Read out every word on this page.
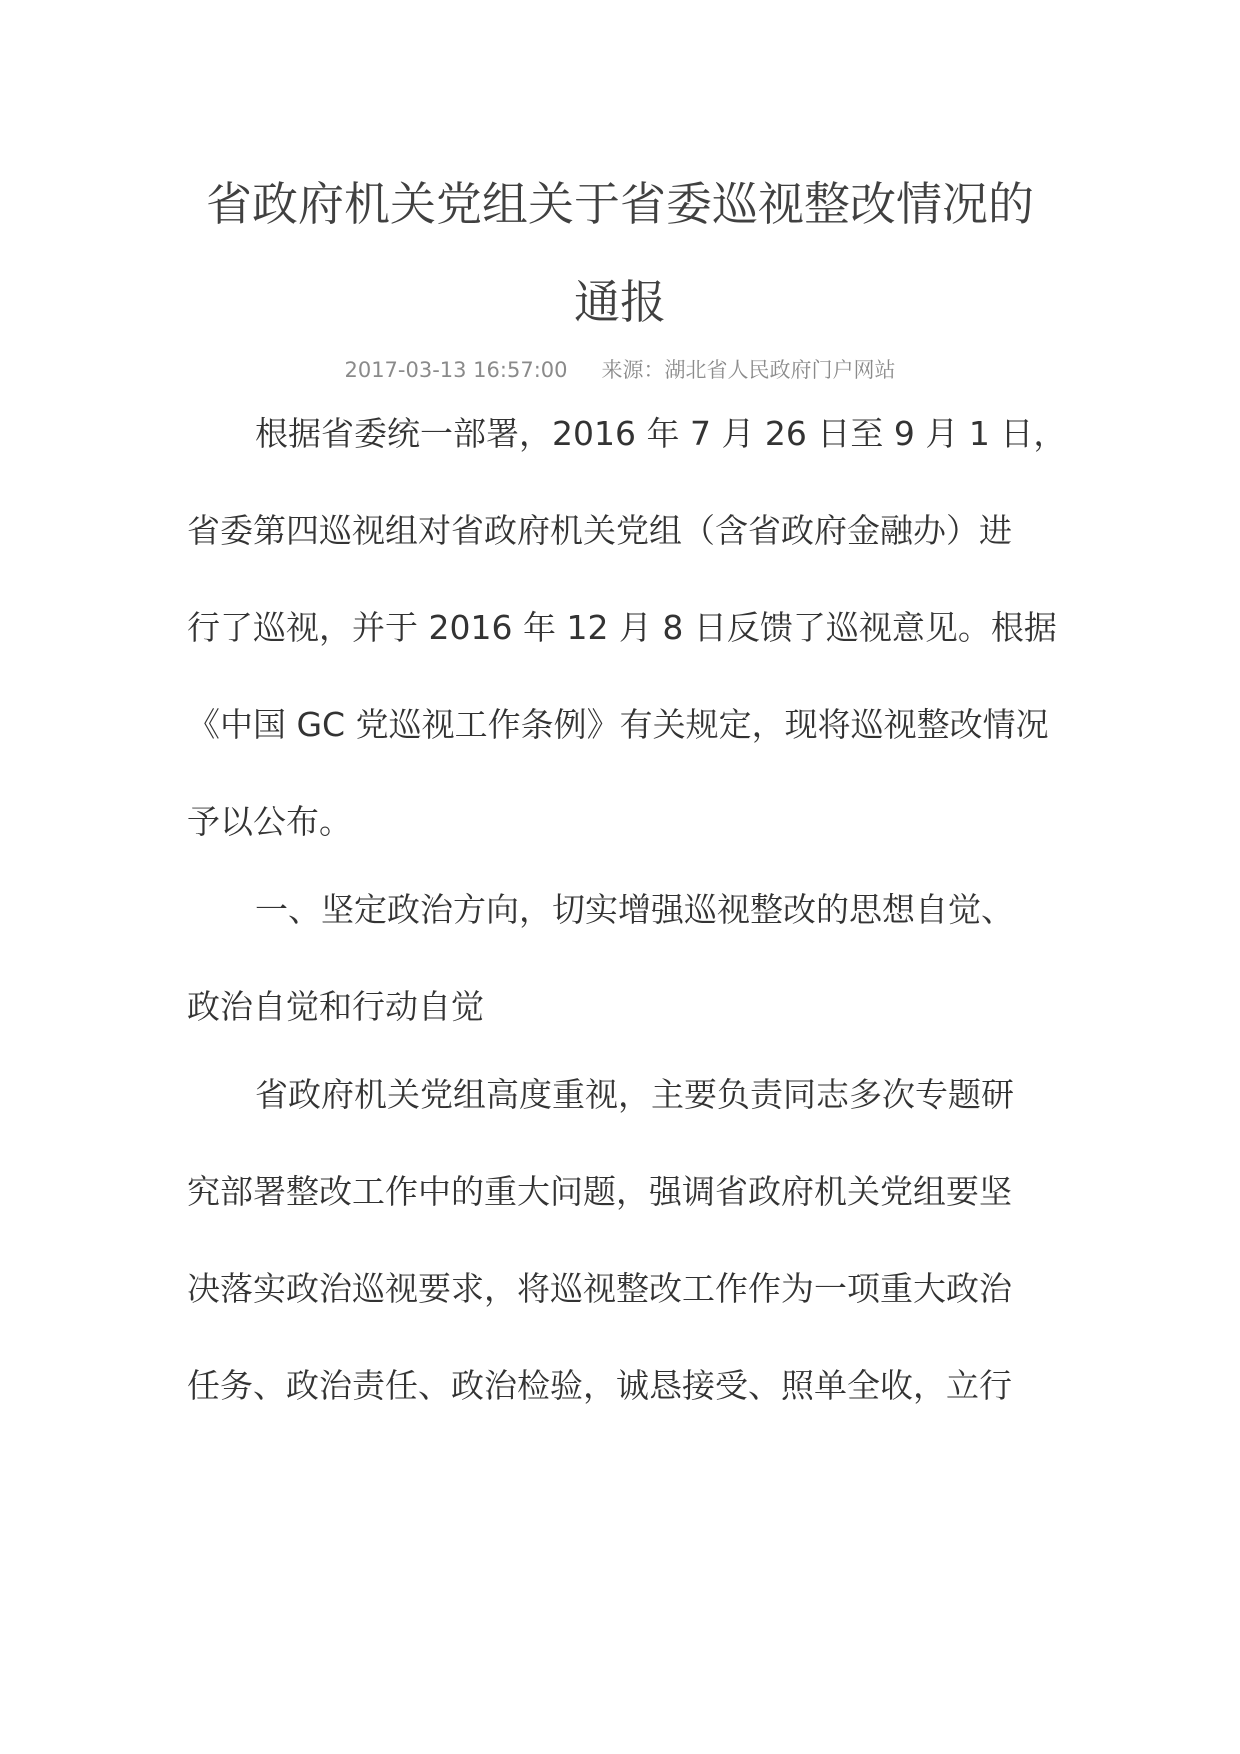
省政府机关党组关于省委巡视整改情况的
通报
2017-03-13 16:57:00 来源：湖北省人民政府门户网站
根据省委统一部署，2016 年 7 月 26 日至 9 月 1 日，
省委第四巡视组对省政府机关党组（含省政府金融办）进
行了巡视，并于 2016 年 12 月 8 日反馈了巡视意见。根据
《中国 GC 党巡视工作条例》有关规定，现将巡视整改情况
予以公布。
一、坚定政治方向，切实增强巡视整改的思想自觉、
政治自觉和行动自觉
省政府机关党组高度重视，主要负责同志多次专题研
究部署整改工作中的重大问题，强调省政府机关党组要坚
决落实政治巡视要求，将巡视整改工作作为一项重大政治
任务、政治责任、政治检验，诚恳接受、照单全收，立行
